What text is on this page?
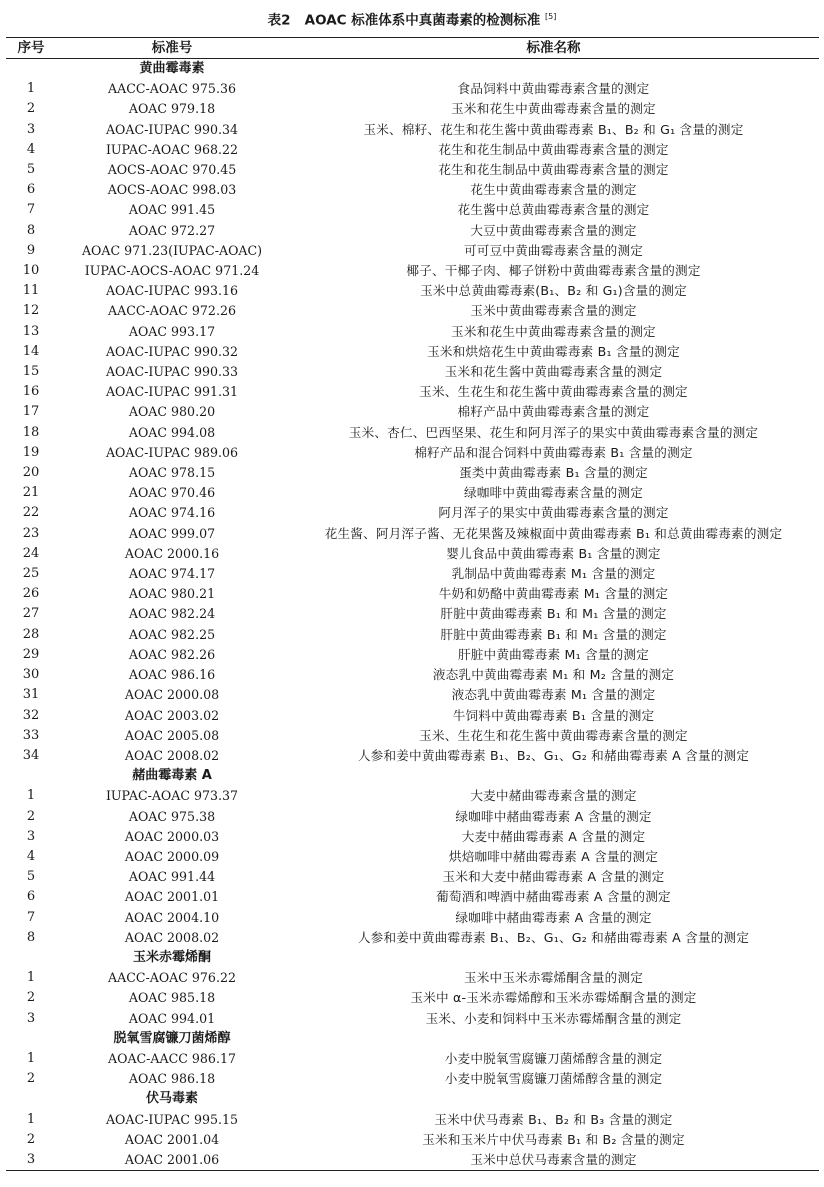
表2 AOAC 标准体系中真菌毒素的检测标准 [5]
序号	标准号	标准名称
	黄曲霉毒素	
1	AACC-AOAC 975.36	食品饲料中黄曲霉毒素含量的测定
2	AOAC 979.18	玉米和花生中黄曲霉毒素含量的测定
3	AOAC-IUPAC 990.34	玉米、棉籽、花生和花生酱中黄曲霉毒素 B₁、B₂ 和 G₁ 含量的测定
4	IUPAC-AOAC 968.22	花生和花生制品中黄曲霉毒素含量的测定
5	AOCS-AOAC 970.45	花生和花生制品中黄曲霉毒素含量的测定
6	AOCS-AOAC 998.03	花生中黄曲霉毒素含量的测定
7	AOAC 991.45	花生酱中总黄曲霉毒素含量的测定
8	AOAC 972.27	大豆中黄曲霉毒素含量的测定
9	AOAC 971.23(IUPAC-AOAC)	可可豆中黄曲霉毒素含量的测定
10	IUPAC-AOCS-AOAC 971.24	椰子、干椰子肉、椰子饼粉中黄曲霉毒素含量的测定
11	AOAC-IUPAC 993.16	玉米中总黄曲霉毒素(B₁、B₂ 和 G₁)含量的测定
12	AACC-AOAC 972.26	玉米中黄曲霉毒素含量的测定
13	AOAC 993.17	玉米和花生中黄曲霉毒素含量的测定
14	AOAC-IUPAC 990.32	玉米和烘焙花生中黄曲霉毒素 B₁ 含量的测定
15	AOAC-IUPAC 990.33	玉米和花生酱中黄曲霉毒素含量的测定
16	AOAC-IUPAC 991.31	玉米、生花生和花生酱中黄曲霉毒素含量的测定
17	AOAC 980.20	棉籽产品中黄曲霉毒素含量的测定
18	AOAC 994.08	玉米、杏仁、巴西坚果、花生和阿月浑子的果实中黄曲霉毒素含量的测定
19	AOAC-IUPAC 989.06	棉籽产品和混合饲料中黄曲霉毒素 B₁ 含量的测定
20	AOAC 978.15	蛋类中黄曲霉毒素 B₁ 含量的测定
21	AOAC 970.46	绿咖啡中黄曲霉毒素含量的测定
22	AOAC 974.16	阿月浑子的果实中黄曲霉毒素含量的测定
23	AOAC 999.07	花生酱、阿月浑子酱、无花果酱及辣椒面中黄曲霉毒素 B₁ 和总黄曲霉毒素的测定
24	AOAC 2000.16	婴儿食品中黄曲霉毒素 B₁ 含量的测定
25	AOAC 974.17	乳制品中黄曲霉毒素 M₁ 含量的测定
26	AOAC 980.21	牛奶和奶酪中黄曲霉毒素 M₁ 含量的测定
27	AOAC 982.24	肝脏中黄曲霉毒素 B₁ 和 M₁ 含量的测定
28	AOAC 982.25	肝脏中黄曲霉毒素 B₁ 和 M₁ 含量的测定
29	AOAC 982.26	肝脏中黄曲霉毒素 M₁ 含量的测定
30	AOAC 986.16	液态乳中黄曲霉毒素 M₁ 和 M₂ 含量的测定
31	AOAC 2000.08	液态乳中黄曲霉毒素 M₁ 含量的测定
32	AOAC 2003.02	牛饲料中黄曲霉毒素 B₁ 含量的测定
33	AOAC 2005.08	玉米、生花生和花生酱中黄曲霉毒素含量的测定
34	AOAC 2008.02	人参和姜中黄曲霉毒素 B₁、B₂、G₁、G₂ 和赭曲霉毒素 A 含量的测定
	赭曲霉毒素 A	
1	IUPAC-AOAC 973.37	大麦中赭曲霉毒素含量的测定
2	AOAC 975.38	绿咖啡中赭曲霉毒素 A 含量的测定
3	AOAC 2000.03	大麦中赭曲霉毒素 A 含量的测定
4	AOAC 2000.09	烘焙咖啡中赭曲霉毒素 A 含量的测定
5	AOAC 991.44	玉米和大麦中赭曲霉毒素 A 含量的测定
6	AOAC 2001.01	葡萄酒和啤酒中赭曲霉毒素 A 含量的测定
7	AOAC 2004.10	绿咖啡中赭曲霉毒素 A 含量的测定
8	AOAC 2008.02	人参和姜中黄曲霉毒素 B₁、B₂、G₁、G₂ 和赭曲霉毒素 A 含量的测定
	玉米赤霉烯酮	
1	AACC-AOAC 976.22	玉米中玉米赤霉烯酮含量的测定
2	AOAC 985.18	玉米中 α-玉米赤霉烯醇和玉米赤霉烯酮含量的测定
3	AOAC 994.01	玉米、小麦和饲料中玉米赤霉烯酮含量的测定
	脱氧雪腐镰刀菌烯醇	
1	AOAC-AACC 986.17	小麦中脱氧雪腐镰刀菌烯醇含量的测定
2	AOAC 986.18	小麦中脱氧雪腐镰刀菌烯醇含量的测定
	伏马毒素	
1	AOAC-IUPAC 995.15	玉米中伏马毒素 B₁、B₂ 和 B₃ 含量的测定
2	AOAC 2001.04	玉米和玉米片中伏马毒素 B₁ 和 B₂ 含量的测定
3	AOAC 2001.06	玉米中总伏马毒素含量的测定
